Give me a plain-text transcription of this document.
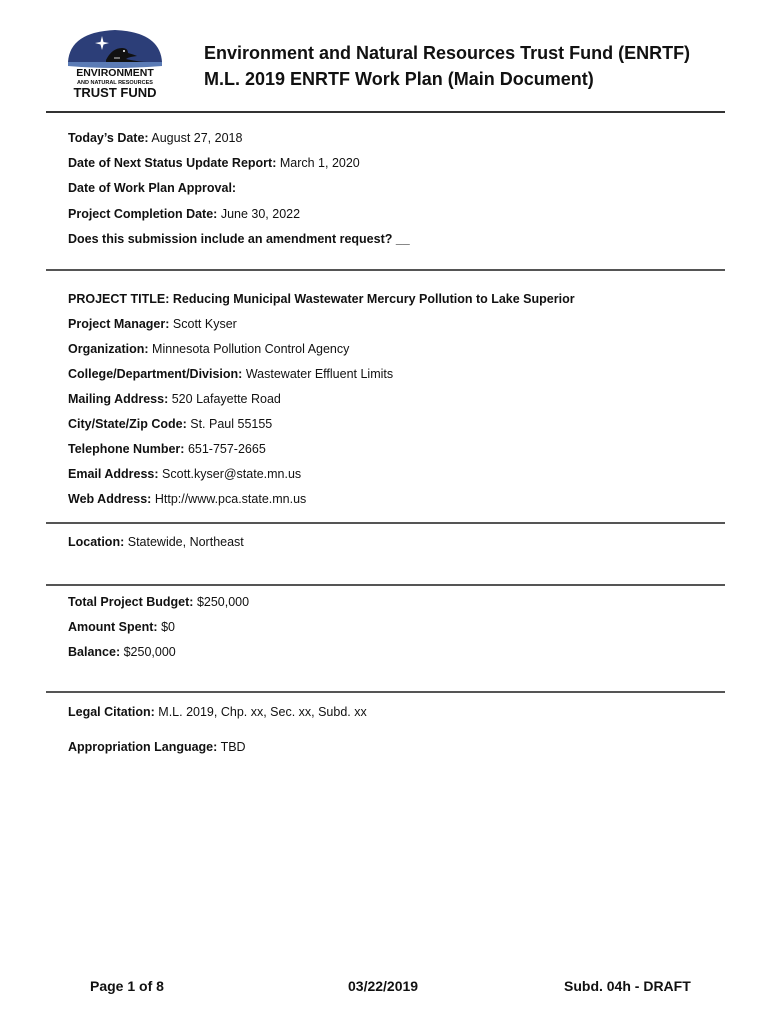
ENVIRONMENT
AND NATURAL RESOURCES
TRUST FUND
Environment and Natural Resources Trust Fund (ENRTF)
M.L. 2019 ENRTF Work Plan (Main Document)
Today’s Date: August 27, 2018
Date of Next Status Update Report: March 1, 2020
Date of Work Plan Approval:
Project Completion Date: June 30, 2022
Does this submission include an amendment request? __
PROJECT TITLE: Reducing Municipal Wastewater Mercury Pollution to Lake Superior
Project Manager: Scott Kyser
Organization: Minnesota Pollution Control Agency
College/Department/Division: Wastewater Effluent Limits
Mailing Address: 520 Lafayette Road
City/State/Zip Code: St. Paul 55155
Telephone Number: 651-757-2665
Email Address: Scott.kyser@state.mn.us
Web Address: Http://www.pca.state.mn.us
Location: Statewide, Northeast
Total Project Budget: $250,000
Amount Spent: $0
Balance: $250,000
Legal Citation: M.L. 2019, Chp. xx, Sec. xx, Subd. xx
Appropriation Language: TBD
Page 1 of 8	03/22/2019	Subd. 04h - DRAFT
